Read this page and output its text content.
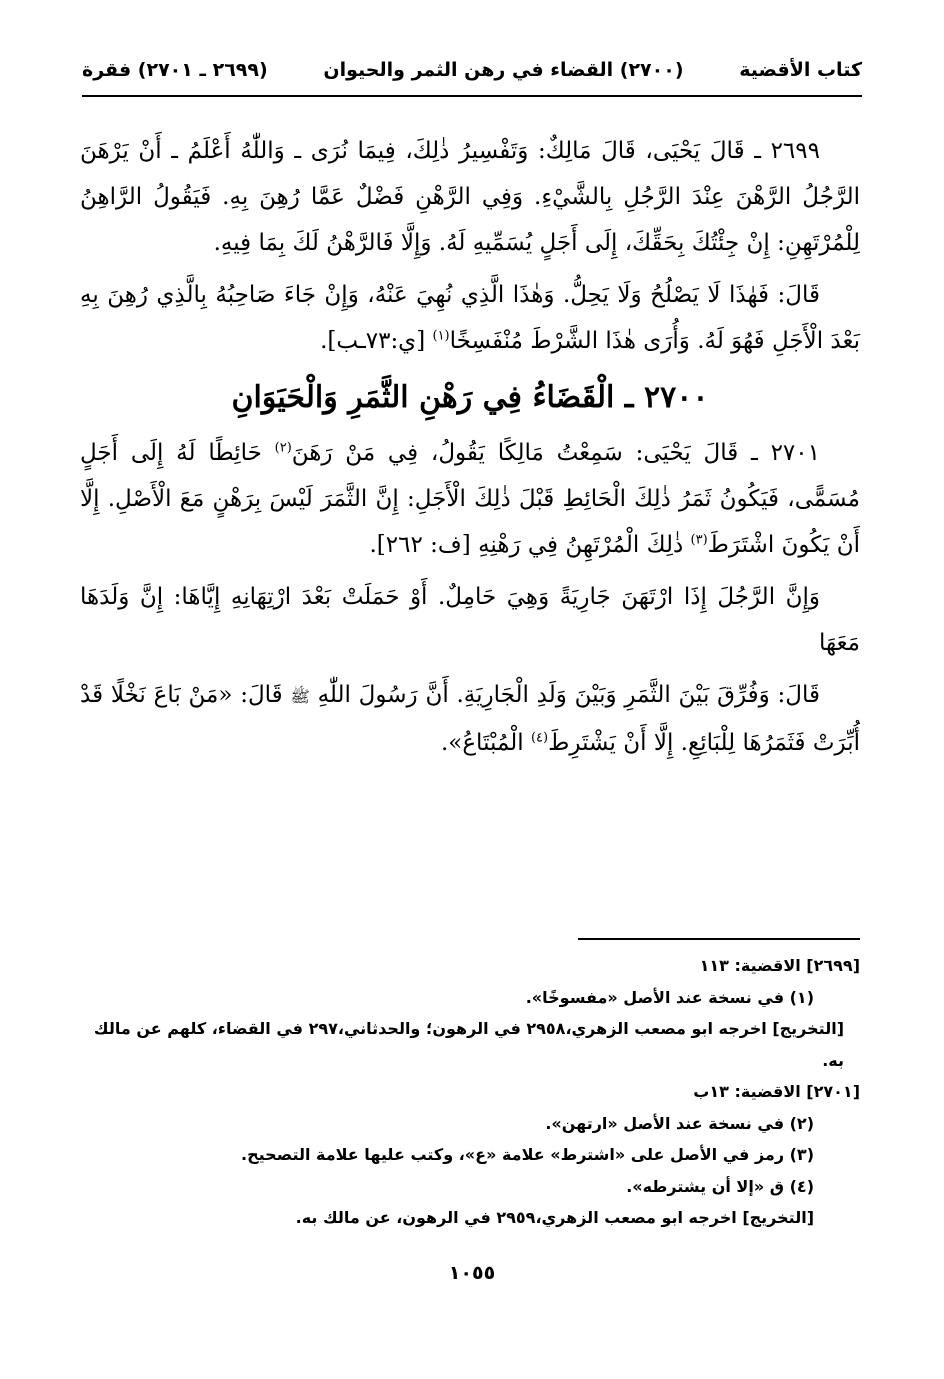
كتاب الأقضية
(٢٧٠٠) القضاء في رهن الثمر والحيوان
(٢٦٩٩ ـ ٢٧٠١) فقرة

٢٦٩٩ ـ قَالَ يَحْيَى، قَالَ مَالِكٌ: وَتَفْسِيرُ ذٰلِكَ، فِيمَا نُرَى ـ وَاللّٰهُ أَعْلَمُ ـ أَنْ يَرْهَنَ الرَّجُلُ الرَّهْنَ عِنْدَ الرَّجُلِ بِالشَّيْءِ. وَفِي الرَّهْنِ فَضْلٌ عَمَّا رُهِنَ بِهِ. فَيَقُولُ الرَّاهِنُ لِلْمُرْتَهِنِ: إِنْ جِئْتُكَ بِحَقِّكَ، إِلَى أَجَلٍ يُسَمِّيهِ لَهُ. وَإِلَّا فَالرَّهْنُ لَكَ بِمَا فِيهِ.

قَالَ: فَهٰذَا لَا يَصْلُحُ وَلَا يَحِلُّ. وَهٰذَا الَّذِي نُهِيَ عَنْهُ، وَإِنْ جَاءَ صَاحِبُهُ بِالَّذِي رُهِنَ بِهِ بَعْدَ الْأَجَلِ فَهُوَ لَهُ. وَأُرَى هٰذَا الشَّرْطَ مُنْفَسِخًا$^{(١)}$ [ي:٧٣ـب].

٢٧٠٠ ـ الْقَضَاءُ فِي رَهْنِ الثَّمَرِ وَالْحَيَوَانِ

٢٧٠١ ـ قَالَ يَحْيَى: سَمِعْتُ مَالِكًا يَقُولُ، فِي مَنْ رَهَنَ$^{(٢)}$ حَائِطًا لَهُ إِلَى أَجَلٍ مُسَمًّى، فَيَكُونُ ثَمَرُ ذٰلِكَ الْحَائِطِ قَبْلَ ذٰلِكَ الْأَجَلِ: إِنَّ الثَّمَرَ لَيْسَ بِرَهْنٍ مَعَ الْأَصْلِ. إِلَّا أَنْ يَكُونَ اشْتَرَطَ$^{(٣)}$ ذٰلِكَ الْمُرْتَهِنُ فِي رَهْنِهِ [ف: ٢٦٢].

وَإِنَّ الرَّجُلَ إِذَا ارْتَهَنَ جَارِيَةً وَهِيَ حَامِلٌ. أَوْ حَمَلَتْ بَعْدَ ارْتِهَانِهِ إِيَّاهَا: إِنَّ وَلَدَهَا مَعَهَا

قَالَ: وَفُرِّقَ بَيْنَ الثَّمَرِ وَبَيْنَ وَلَدِ الْجَارِيَةِ. أَنَّ رَسُولَ اللّٰهِ ﷺ قَالَ: «مَنْ بَاعَ نَخْلًا قَدْ أُبِّرَتْ فَثَمَرُهَا لِلْبَائِعِ. إِلَّا أَنْ يَشْتَرِطَ$^{(٤)}$ الْمُبْتَاعُ».

[٢٦٩٩] الاقضية: ١١٣

(١) في نسخة عند الأصل «مفسوخًا».

[التخريج] اخرجه ابو مصعب الزهري،٢٩٥٨ في الرهون؛ والحدثاني،٢٩٧ في القضاء، كلهم عن مالك به.

[٢٧٠١] الاقضية: ١٣ب

(٢) في نسخة عند الأصل «ارتهن».

(٣) رمز في الأصل على «اشترط» علامة «ع»، وكتب عليها علامة التصحيح.

(٤) ق «إلا أن يشترطه».

[التخريج] اخرجه ابو مصعب الزهري،٢٩٥٩ في الرهون، عن مالك به.

١٠٥٥
